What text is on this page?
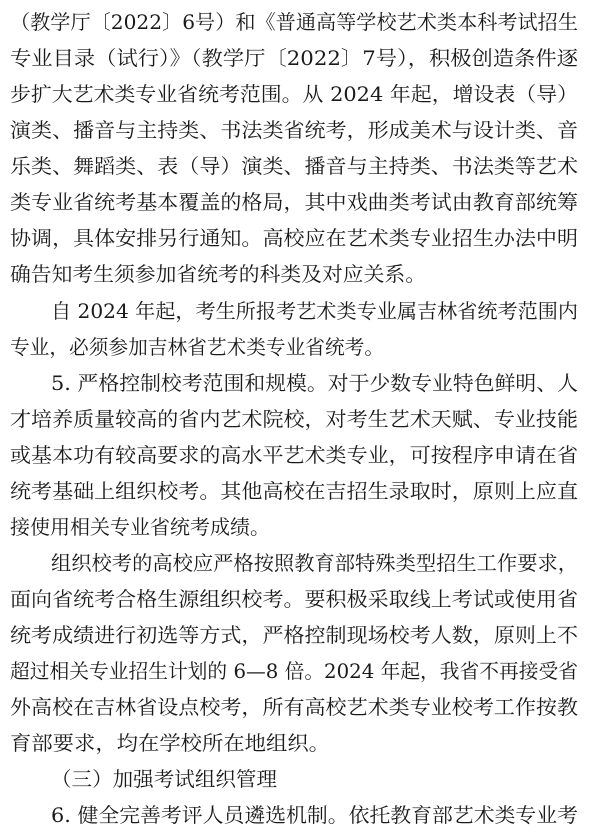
（教学厅〔2022〕6号）和《普通高等学校艺术类本科考试招生
专业目录（试行）》（教学厅〔2022〕7号），积极创造条件逐
步扩大艺术类专业省统考范围。从 2024 年起，增设表（导）
演类、播音与主持类、书法类省统考，形成美术与设计类、音
乐类、舞蹈类、表（导）演类、播音与主持类、书法类等艺术
类专业省统考基本覆盖的格局，其中戏曲类考试由教育部统筹
协调，具体安排另行通知。高校应在艺术类专业招生办法中明
确告知考生须参加省统考的科类及对应关系。
自 2024 年起，考生所报考艺术类专业属吉林省统考范围内
专业，必须参加吉林省艺术类专业省统考。
5. 严格控制校考范围和规模。对于少数专业特色鲜明、人
才培养质量较高的省内艺术院校，对考生艺术天赋、专业技能
或基本功有较高要求的高水平艺术类专业，可按程序申请在省
统考基础上组织校考。其他高校在吉招生录取时，原则上应直
接使用相关专业省统考成绩。
组织校考的高校应严格按照教育部特殊类型招生工作要求，
面向省统考合格生源组织校考。要积极采取线上考试或使用省
统考成绩进行初选等方式，严格控制现场校考人数，原则上不
超过相关专业招生计划的 6—8 倍。2024 年起，我省不再接受省
外高校在吉林省设点校考，所有高校艺术类专业校考工作按教
育部要求，均在学校所在地组织。
（三）加强考试组织管理
6. 健全完善考评人员遴选机制。依托教育部艺术类专业考
